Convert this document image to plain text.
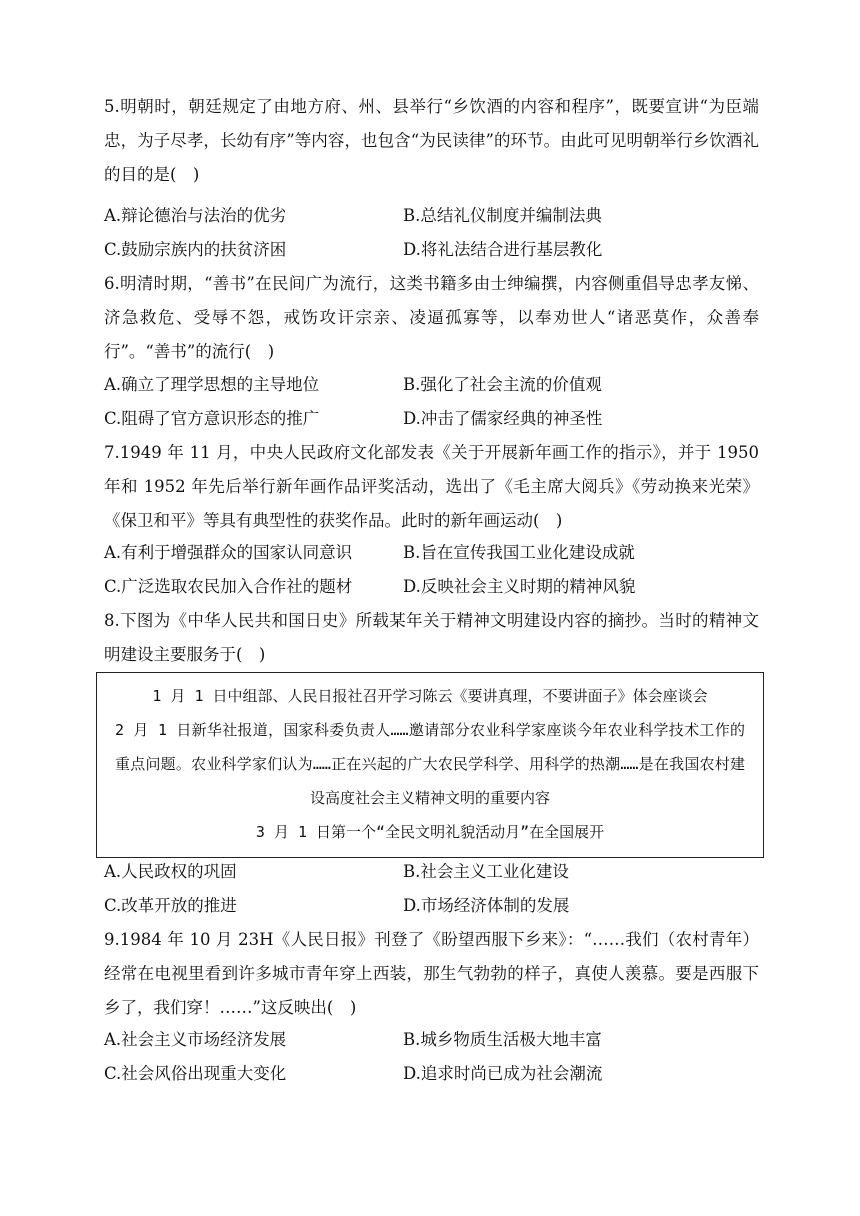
5.明朝时，朝廷规定了由地方府、州、县举行“乡饮酒的内容和程序”，既要宣讲“为臣端忠，为子尽孝，长幼有序”等内容，也包含“为民读律”的环节。由此可见明朝举行乡饮酒礼的目的是(　)

A.辩论德治与法治的优劣	B.总结礼仪制度并编制法典
C.鼓励宗族内的扶贫济困	D.将礼法结合进行基层教化

6.明清时期，“善书”在民间广为流行，这类书籍多由士绅编撰，内容侧重倡导忠孝友悌、济急救危、受辱不怨，戒饬攻讦宗亲、凌逼孤寡等，以奉劝世人“诸恶莫作，众善奉行”。“善书”的流行(　)

A.确立了理学思想的主导地位	B.强化了社会主流的价值观
C.阻碍了官方意识形态的推广	D.冲击了儒家经典的神圣性

7.1949 年 11 月，中央人民政府文化部发表《关于开展新年画工作的指示》，并于 1950 年和 1952 年先后举行新年画作品评奖活动，选出了《毛主席大阅兵》《劳动换来光荣》《保卫和平》等具有典型性的获奖作品。此时的新年画运动(　)

A.有利于增强群众的国家认同意识	B.旨在宣传我国工业化建设成就
C.广泛选取农民加入合作社的题材	D.反映社会主义时期的精神风貌

8.下图为《中华人民共和国日史》所载某年关于精神文明建设内容的摘抄。当时的精神文明建设主要服务于(　)

1 月 1 日中组部、人民日报社召开学习陈云《要讲真理，不要讲面子》体会座谈会

2 月 1 日新华社报道，国家科委负责人……邀请部分农业科学家座谈今年农业科学技术工作的重点问题。农业科学家们认为……正在兴起的广大农民学科学、用科学的热潮……是在我国农村建设高度社会主义精神文明的重要内容

3 月 1 日第一个“全民文明礼貌活动月”在全国展开

A.人民政权的巩固	B.社会主义工业化建设
C.改革开放的推进	D.市场经济体制的发展

9.1984 年 10 月 23H《人民日报》刊登了《盼望西服下乡来》：“……我们（农村青年）经常在电视里看到许多城市青年穿上西装，那生气勃勃的样子，真使人羡慕。要是西服下乡了，我们穿！……”这反映出(　)

A.社会主义市场经济发展	B.城乡物质生活极大地丰富
C.社会风俗出现重大变化	D.追求时尚已成为社会潮流
